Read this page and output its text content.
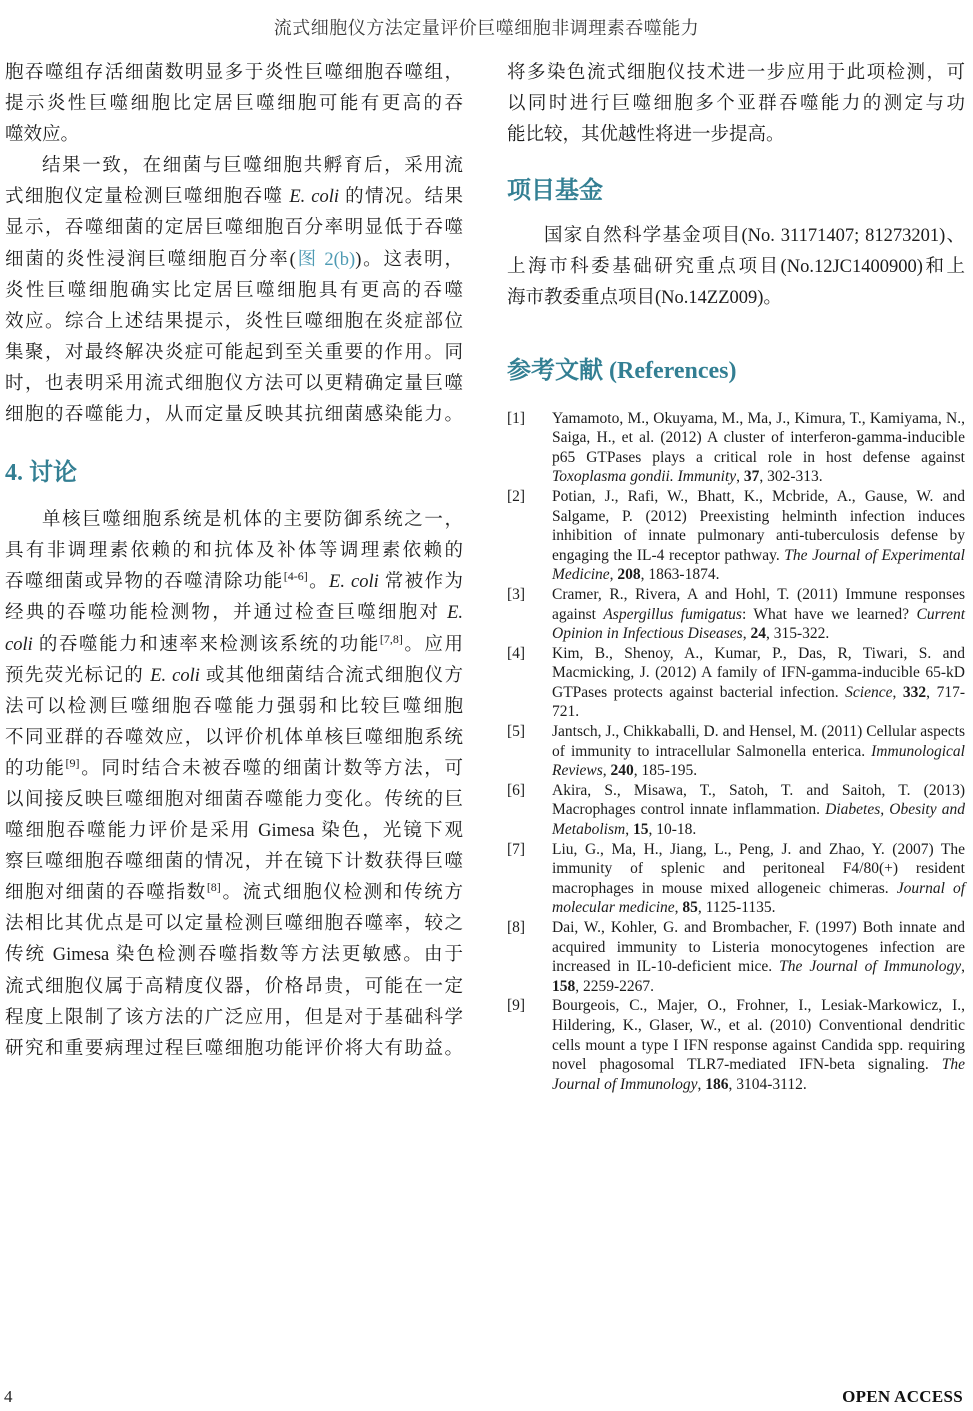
流式细胞仪方法定量评价巨噬细胞非调理素吞噬能力
胞吞噬组存活细菌数明显多于炎性巨噬细胞吞噬组，
提示炎性巨噬细胞比定居巨噬细胞可能有更高的吞
噬效应。
结果一致，在细菌与巨噬细胞共孵育后，采用流
式细胞仪定量检测巨噬细胞吞噬 E. coli 的情况。结果
显示，吞噬细菌的定居巨噬细胞百分率明显低于吞噬
细菌的炎性浸润巨噬细胞百分率(图 2(b))。这表明，
炎性巨噬细胞确实比定居巨噬细胞具有更高的吞噬
效应。综合上述结果提示，炎性巨噬细胞在炎症部位
集聚，对最终解决炎症可能起到至关重要的作用。同
时，也表明采用流式细胞仪方法可以更精确定量巨噬
细胞的吞噬能力，从而定量反映其抗细菌感染能力。
4. 讨论
单核巨噬细胞系统是机体的主要防御系统之一，
具有非调理素依赖的和抗体及补体等调理素依赖的
吞噬细菌或异物的吞噬清除功能[4-6]。E. coli 常被作为
经典的吞噬功能检测物，并通过检查巨噬细胞对 E.
coli 的吞噬能力和速率来检测该系统的功能[7,8]。应用
预先荧光标记的 E. coli 或其他细菌结合流式细胞仪方
法可以检测巨噬细胞吞噬能力强弱和比较巨噬细胞
不同亚群的吞噬效应，以评价机体单核巨噬细胞系统
的功能[9]。同时结合未被吞噬的细菌计数等方法，可
以间接反映巨噬细胞对细菌吞噬能力变化。传统的巨
噬细胞吞噬能力评价是采用 Gimesa 染色，光镜下观
察巨噬细胞吞噬细菌的情况，并在镜下计数获得巨噬
细胞对细菌的吞噬指数[8]。流式细胞仪检测和传统方
法相比其优点是可以定量检测巨噬细胞吞噬率，较之
传统 Gimesa 染色检测吞噬指数等方法更敏感。由于
流式细胞仪属于高精度仪器，价格昂贵，可能在一定
程度上限制了该方法的广泛应用，但是对于基础科学
研究和重要病理过程巨噬细胞功能评价将大有助益。
将多染色流式细胞仪技术进一步应用于此项检测，可
以同时进行巨噬细胞多个亚群吞噬能力的测定与功
能比较，其优越性将进一步提高。
项目基金
国家自然科学基金项目(No. 31171407; 81273201)、
上海市科委基础研究重点项目(No.12JC1400900)和上
海市教委重点项目(No.14ZZ009)。
参考文献 (References)
[1]	Yamamoto, M., Okuyama, M., Ma, J., Kimura, T., Kamiyama, N., Saiga, H., et al. (2012) A cluster of interferon-gamma-inducible p65 GTPases plays a critical role in host defense against Toxoplasma gondii. Immunity, 37, 302-313.
[2]	Potian, J., Rafi, W., Bhatt, K., Mcbride, A., Gause, W. and Salgame, P. (2012) Preexisting helminth infection induces inhibition of innate pulmonary anti-tuberculosis defense by engaging the IL-4 receptor pathway. The Journal of Experimental Medicine, 208, 1863-1874.
[3]	Cramer, R., Rivera, A and Hohl, T. (2011) Immune responses against Aspergillus fumigatus: What have we learned? Current Opinion in Infectious Diseases, 24, 315-322.
[4]	Kim, B., Shenoy, A., Kumar, P., Das, R, Tiwari, S. and Macmicking, J. (2012) A family of IFN-gamma-inducible 65-kD GTPases protects against bacterial infection. Science, 332, 717-721.
[5]	Jantsch, J., Chikkaballi, D. and Hensel, M. (2011) Cellular aspects of immunity to intracellular Salmonella enterica. Immunological Reviews, 240, 185-195.
[6]	Akira, S., Misawa, T., Satoh, T. and Saitoh, T. (2013) Macrophages control innate inflammation. Diabetes, Obesity and Metabolism, 15, 10-18.
[7]	Liu, G., Ma, H., Jiang, L., Peng, J. and Zhao, Y. (2007) The immunity of splenic and peritoneal F4/80(+) resident macrophages in mouse mixed allogeneic chimeras. Journal of molecular medicine, 85, 1125-1135.
[8]	Dai, W., Kohler, G. and Brombacher, F. (1997) Both innate and acquired immunity to Listeria monocytogenes infection are increased in IL-10-deficient mice. The Journal of Immunology, 158, 2259-2267.
[9]	Bourgeois, C., Majer, O., Frohner, I., Lesiak-Markowicz, I., Hildering, K., Glaser, W., et al. (2010) Conventional dendritic cells mount a type I IFN response against Candida spp. requiring novel phagosomal TLR7-mediated IFN-beta signaling. The Journal of Immunology, 186, 3104-3112.
4	OPEN ACCESS
